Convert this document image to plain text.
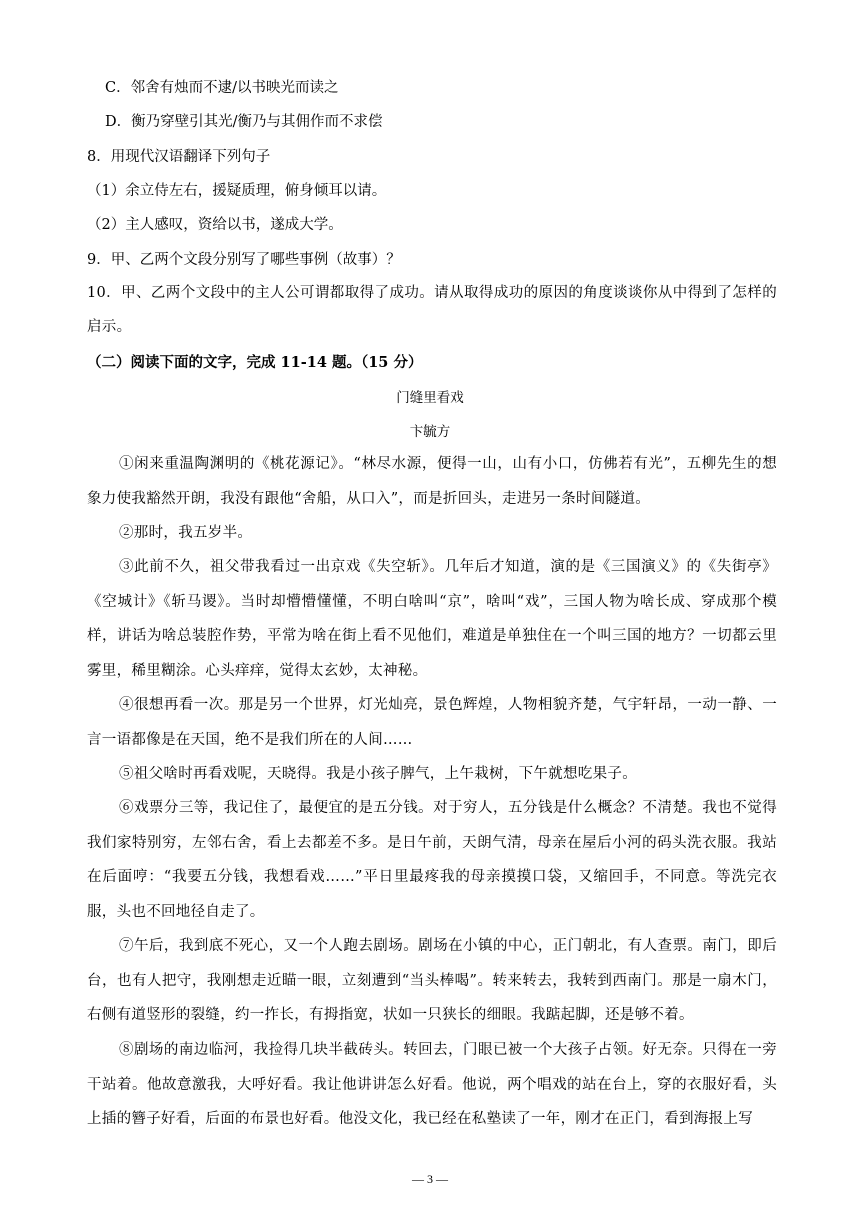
C．邻舍有烛而不逮/以书映光而读之
D．衡乃穿壁引其光/衡乃与其佣作而不求偿
8．用现代汉语翻译下列句子
（1）余立侍左右，援疑质理，俯身倾耳以请。
（2）主人感叹，资给以书，遂成大学。
9．甲、乙两个文段分别写了哪些事例（故事）？
10．甲、乙两个文段中的主人公可谓都取得了成功。请从取得成功的原因的角度谈谈你从中得到了怎样的启示。
（二）阅读下面的文字，完成 11-14 题。（15 分）
门缝里看戏
卞毓方
①闲来重温陶渊明的《桃花源记》。“林尽水源，便得一山，山有小口，仿佛若有光”，五柳先生的想象力使我豁然开朗，我没有跟他“舍船，从口入”，而是折回头，走进另一条时间隧道。
②那时，我五岁半。
③此前不久，祖父带我看过一出京戏《失空斩》。几年后才知道，演的是《三国演义》的《失街亭》《空城计》《斩马谡》。当时却懵懵懂懂，不明白啥叫“京”，啥叫“戏”，三国人物为啥长成、穿成那个模样，讲话为啥总装腔作势，平常为啥在街上看不见他们，难道是单独住在一个叫三国的地方？一切都云里雾里，稀里糊涂。心头痒痒，觉得太玄妙，太神秘。
④很想再看一次。那是另一个世界，灯光灿亮，景色辉煌，人物相貌齐楚，气宇轩昂，一动一静、一言一语都像是在天国，绝不是我们所在的人间……
⑤祖父啥时再看戏呢，天晓得。我是小孩子脾气，上午栽树，下午就想吃果子。
⑥戏票分三等，我记住了，最便宜的是五分钱。对于穷人，五分钱是什么概念？不清楚。我也不觉得我们家特别穷，左邻右舍，看上去都差不多。是日午前，天朗气清，母亲在屋后小河的码头洗衣服。我站在后面哼：“我要五分钱，我想看戏……”平日里最疼我的母亲摸摸口袋，又缩回手，不同意。等洗完衣服，头也不回地径自走了。
⑦午后，我到底不死心，又一个人跑去剧场。剧场在小镇的中心，正门朝北，有人查票。南门，即后台，也有人把守，我刚想走近瞄一眼，立刻遭到“当头棒喝”。转来转去，我转到西南门。那是一扇木门，右侧有道竖形的裂缝，约一拃长，有拇指宽，状如一只狭长的细眼。我踮起脚，还是够不着。
⑧剧场的南边临河，我捡得几块半截砖头。转回去，门眼已被一个大孩子占领。好无奈。只得在一旁干站着。他故意激我，大呼好看。我让他讲讲怎么好看。他说，两个唱戏的站在台上，穿的衣服好看，头上插的簪子好看，后面的布景也好看。他没文化，我已经在私塾读了一年，刚才在正门，看到海报上写
— 3 —
